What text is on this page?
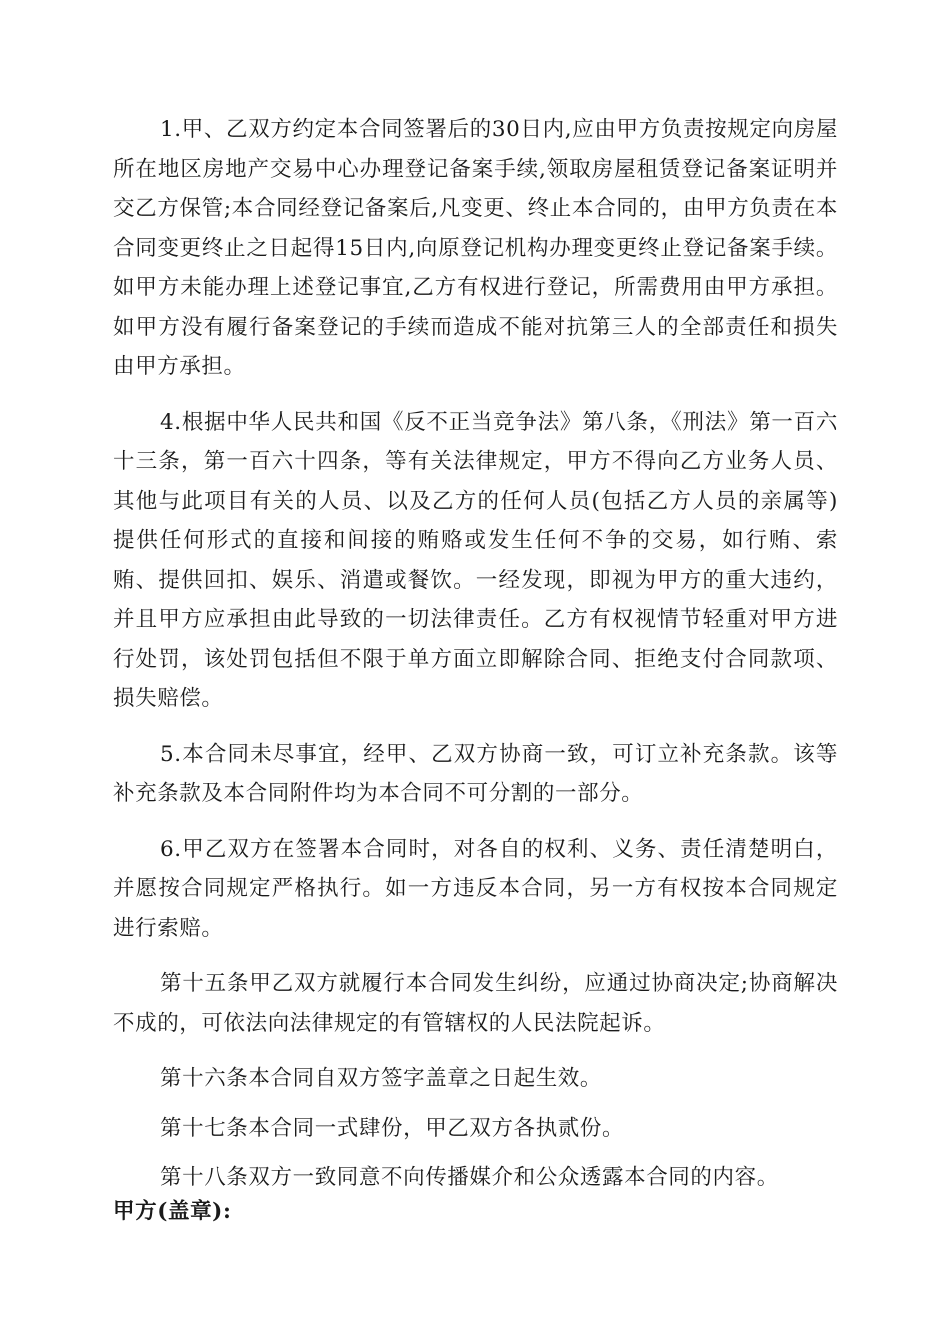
1.甲、乙双方约定本合同签署后的30日内,应由甲方负责按规定向房屋所在地区房地产交易中心办理登记备案手续,领取房屋租赁登记备案证明并交乙方保管;本合同经登记备案后,凡变更、终止本合同的，由甲方负责在本合同变更终止之日起得15日内,向原登记机构办理变更终止登记备案手续。如甲方未能办理上述登记事宜,乙方有权进行登记，所需费用由甲方承担。如甲方没有履行备案登记的手续而造成不能对抗第三人的全部责任和损失由甲方承担。

4.根据中华人民共和国《反不正当竞争法》第八条，《刑法》第一百六十三条，第一百六十四条，等有关法律规定，甲方不得向乙方业务人员、其他与此项目有关的人员、以及乙方的任何人员(包括乙方人员的亲属等)提供任何形式的直接和间接的贿赂或发生任何不争的交易，如行贿、索贿、提供回扣、娱乐、消遣或餐饮。一经发现，即视为甲方的重大违约，并且甲方应承担由此导致的一切法律责任。乙方有权视情节轻重对甲方进行处罚，该处罚包括但不限于单方面立即解除合同、拒绝支付合同款项、损失赔偿。

5.本合同未尽事宜，经甲、乙双方协商一致，可订立补充条款。该等补充条款及本合同附件均为本合同不可分割的一部分。

6.甲乙双方在签署本合同时，对各自的权利、义务、责任清楚明白，并愿按合同规定严格执行。如一方违反本合同，另一方有权按本合同规定进行索赔。

第十五条甲乙双方就履行本合同发生纠纷，应通过协商决定;协商解决不成的，可依法向法律规定的有管辖权的人民法院起诉。

第十六条本合同自双方签字盖章之日起生效。

第十七条本合同一式肆份，甲乙双方各执贰份。

第十八条双方一致同意不向传播媒介和公众透露本合同的内容。

甲方(盖章):
